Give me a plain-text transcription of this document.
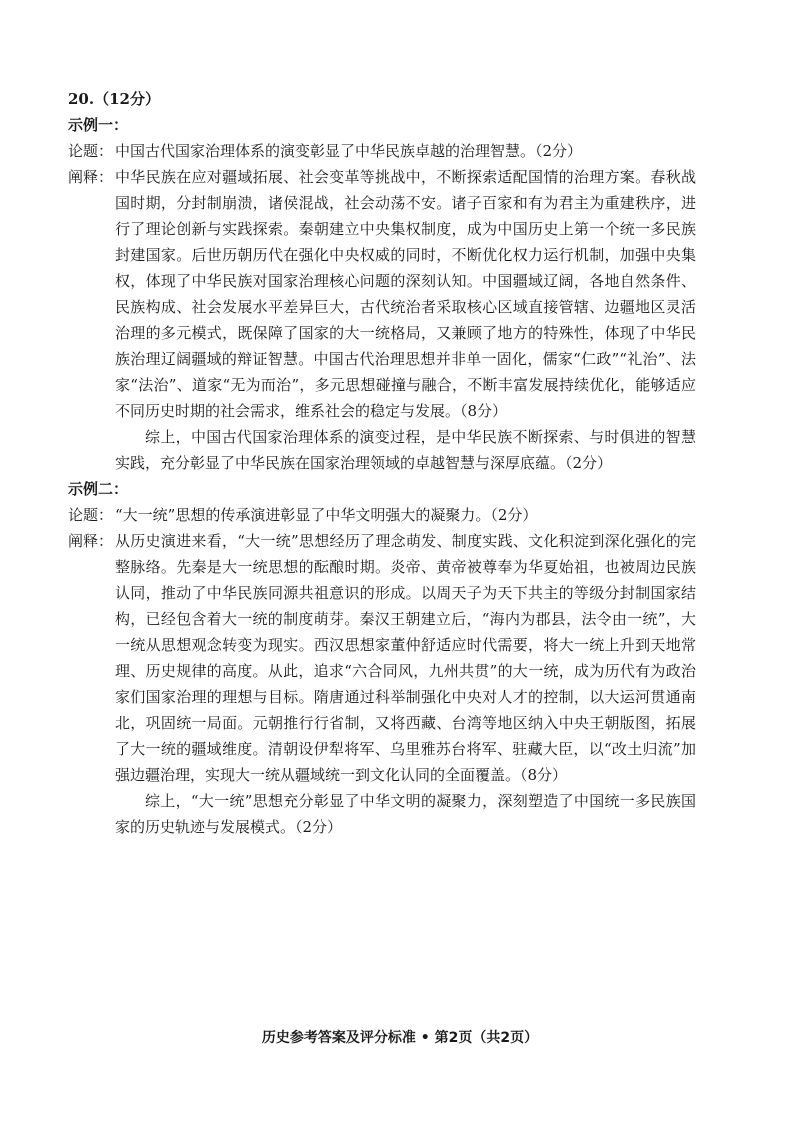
20.（12分）
示例一：
论题： 中国古代国家治理体系的演变彰显了中华民族卓越的治理智慧。（2分）
阐释： 中华民族在应对疆域拓展、社会变革等挑战中，不断探索适配国情的治理方案。春秋战国时期，分封制崩溃，诸侯混战，社会动荡不安。诸子百家和有为君主为重建秩序，进行了理论创新与实践探索。秦朝建立中央集权制度，成为中国历史上第一个统一多民族封建国家。后世历朝历代在强化中央权威的同时，不断优化权力运行机制，加强中央集权，体现了中华民族对国家治理核心问题的深刻认知。中国疆域辽阔，各地自然条件、民族构成、社会发展水平差异巨大，古代统治者采取核心区域直接管辖、边疆地区灵活治理的多元模式，既保障了国家的大一统格局，又兼顾了地方的特殊性，体现了中华民族治理辽阔疆域的辩证智慧。中国古代治理思想并非单一固化，儒家“仁政”“礼治”、法家“法治”、道家“无为而治”，多元思想碰撞与融合，不断丰富发展持续优化，能够适应不同历史时期的社会需求，维系社会的稳定与发展。（8分）
综上，中国古代国家治理体系的演变过程，是中华民族不断探索、与时俱进的智慧实践，充分彰显了中华民族在国家治理领域的卓越智慧与深厚底蕴。（2分）
示例二：
论题： “大一统”思想的传承演进彰显了中华文明强大的凝聚力。（2分）
阐释： 从历史演进来看，“大一统”思想经历了理念萌发、制度实践、文化积淀到深化强化的完整脉络。先秦是大一统思想的酝酿时期。炎帝、黄帝被尊奉为华夏始祖，也被周边民族认同，推动了中华民族同源共祖意识的形成。以周天子为天下共主的等级分封制国家结构，已经包含着大一统的制度萌芽。秦汉王朝建立后，“海内为郡县，法令由一统”，大一统从思想观念转变为现实。西汉思想家董仲舒适应时代需要，将大一统上升到天地常理、历史规律的高度。从此，追求“六合同风，九州共贯”的大一统，成为历代有为政治家们国家治理的理想与目标。隋唐通过科举制强化中央对人才的控制，以大运河贯通南北，巩固统一局面。元朝推行行省制，又将西藏、台湾等地区纳入中央王朝版图，拓展了大一统的疆域维度。清朝设伊犁将军、乌里雅苏台将军、驻藏大臣，以“改土归流”加强边疆治理，实现大一统从疆域统一到文化认同的全面覆盖。（8分）
综上，“大一统”思想充分彰显了中华文明的凝聚力，深刻塑造了中国统一多民族国家的历史轨迹与发展模式。（2分）
历史参考答案及评分标准 • 第2页（共2页）
